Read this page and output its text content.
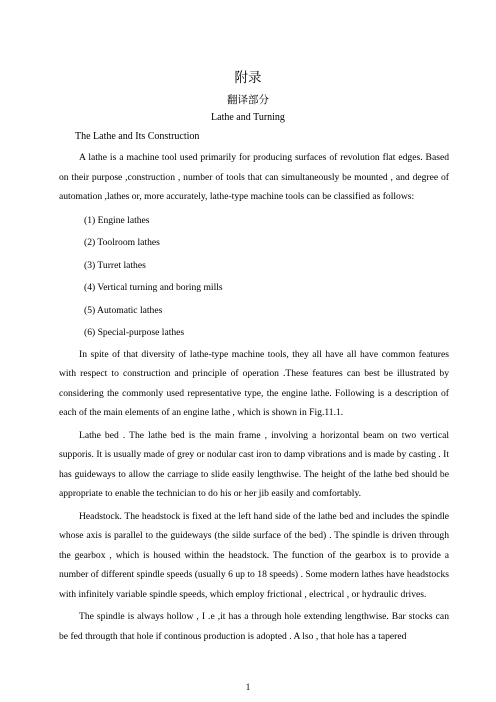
附录
翻译部分
Lathe and Turning
The Lathe and Its Construction

A lathe is a machine tool used primarily for producing surfaces of revolution flat edges. Based on their purpose ,construction , number of tools that can simultaneously be mounted , and degree of automation ,lathes or, more accurately, lathe-type machine tools can be classified as follows:

(1) Engine lathes
(2) Toolroom lathes
(3) Turret lathes
(4) Vertical turning and boring mills
(5) Automatic lathes
(6) Special-purpose lathes

In spite of that diversity of lathe-type machine tools, they all have all have common features with respect to construction and principle of operation .These features can best be illustrated by considering the commonly used representative type, the engine lathe. Following is a description of each of the main elements of an engine lathe , which is shown in Fig.11.1.

Lathe bed . The lathe bed is the main frame , involving a horizontal beam on two vertical supporis. It is usually made of grey or nodular cast iron to damp vibrations and is made by casting . It has guideways to allow the carriage to slide easily lengthwise. The height of the lathe bed should be appropriate to enable the technician to do his or her jib easily and comfortably.

Headstock. The headstock is fixed at the left hand side of the lathe bed and includes the spindle whose axis is parallel to the guideways (the silde surface of the bed) . The spindle is driven through the gearbox , which is housed within the headstock. The function of the gearbox is to provide a number of different spindle speeds (usually 6 up to 18 speeds) . Some modern lathes have headstocks with infinitely variable spindle speeds, which employ frictional , electrical , or hydraulic drives.

The spindle is always hollow , I .e ,it has a through hole extending lengthwise. Bar stocks can be fed througth that hole if continous production is adopted . A lso , that hole has a tapered

1
